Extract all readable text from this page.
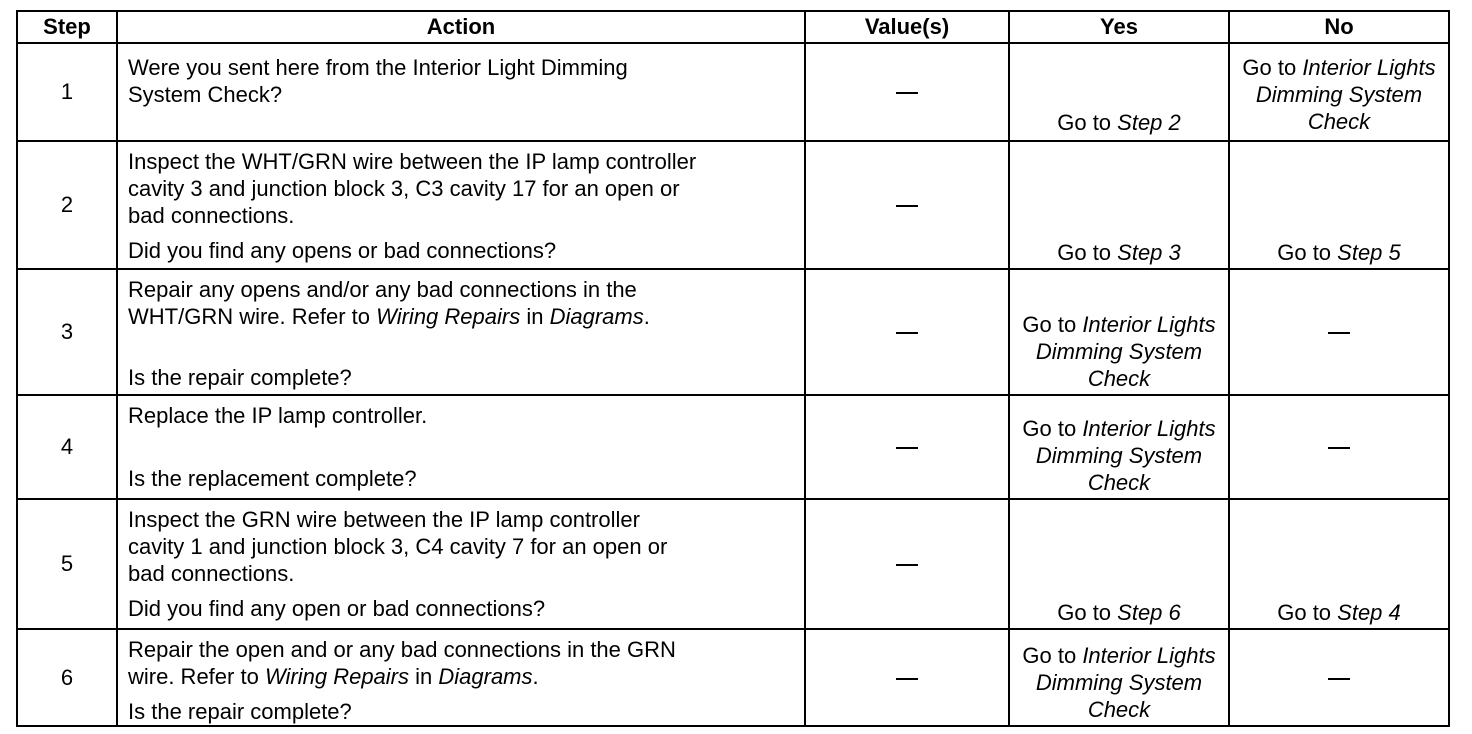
Step	Action	Value(s)	Yes	No
1	Were you sent here from the Interior Light Dimming
System Check?		Go to Step 2	Go to Interior Lights Dimming System Check
2	Inspect the WHT/GRN wire between the IP lamp controller
cavity 3 and junction block 3, C3 cavity 17 for an open or
bad connections.
Did you find any opens or bad connections?		Go to Step 3	Go to Step 5
3	Repair any opens and/or any bad connections in the
WHT/GRN wire. Refer to Wiring Repairs in Diagrams.
Is the repair complete?		Go to Interior Lights Dimming System Check	
4	Replace the IP lamp controller.
Is the replacement complete?		Go to Interior Lights Dimming System Check	
5	Inspect the GRN wire between the IP lamp controller
cavity 1 and junction block 3, C4 cavity 7 for an open or
bad connections.
Did you find any open or bad connections?		Go to Step 6	Go to Step 4
6	Repair the open and or any bad connections in the GRN
wire. Refer to Wiring Repairs in Diagrams.
Is the repair complete?		Go to Interior Lights Dimming System Check	
